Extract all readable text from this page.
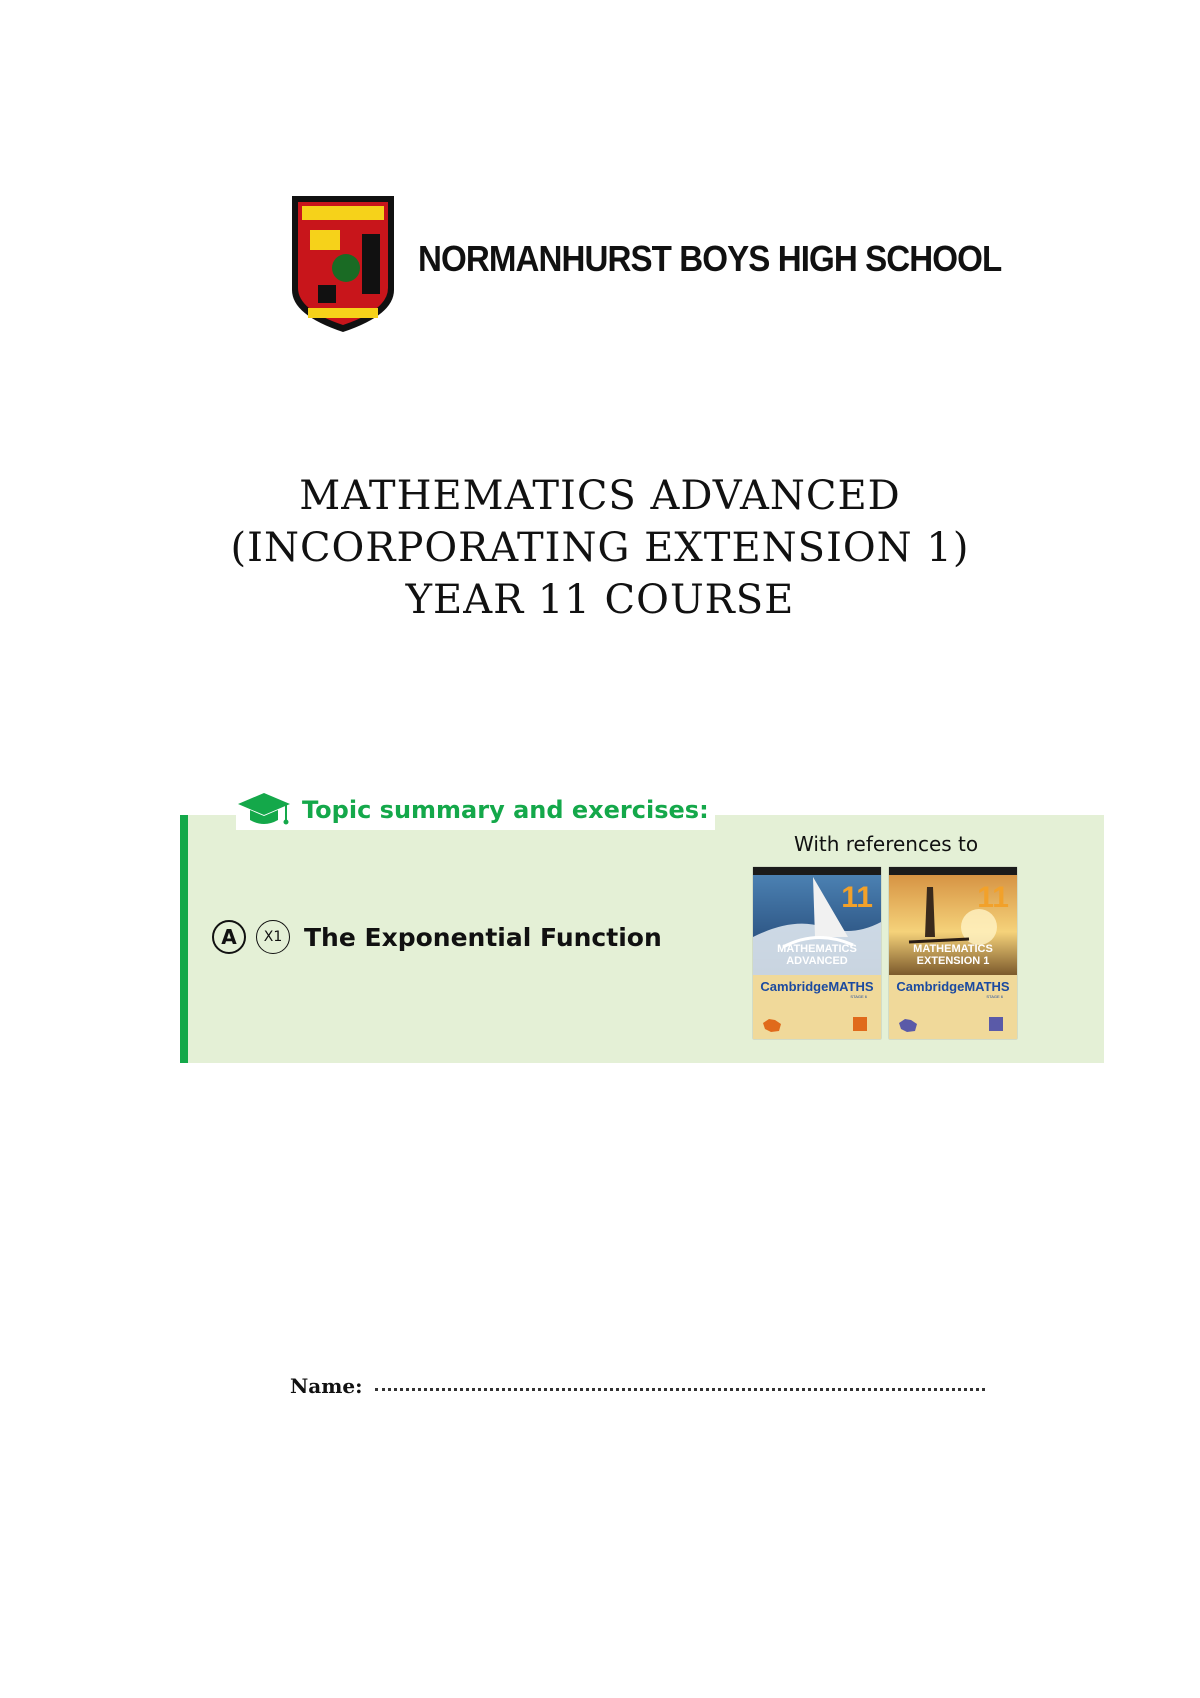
NORMANHURST BOYS HIGH SCHOOL
MATHEMATICS ADVANCED
(INCORPORATING EXTENSION 1)
YEAR 11 COURSE
Topic summary and exercises:
With references to
A	X1 The Exponential Function
11
MATHEMATICS
ADVANCED
CambridgeMATHS
STAGE 6
11
MATHEMATICS
EXTENSION 1
CambridgeMATHS
STAGE 6
Name:
